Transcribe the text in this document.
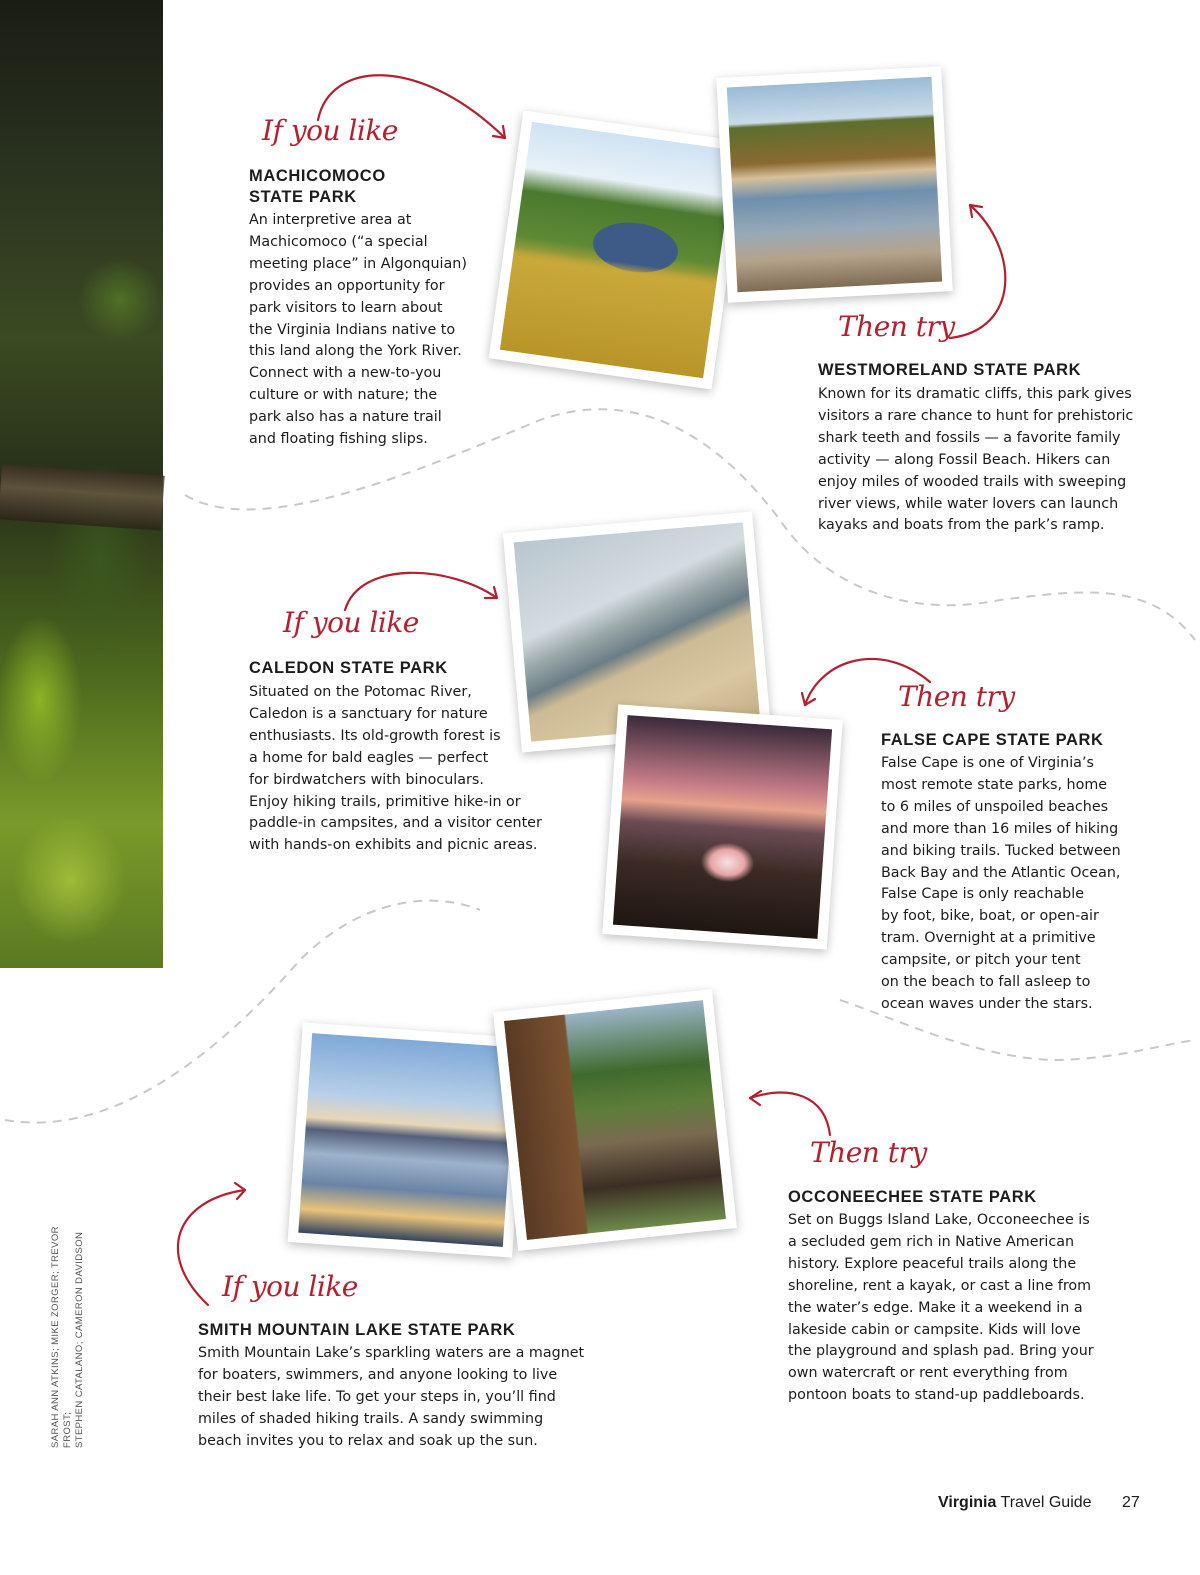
If you like
MACHICOMOCO
STATE PARK
An interpretive area at
Machicomoco (“a special
meeting place” in Algonquian)
provides an opportunity for
park visitors to learn about
the Virginia Indians native to
this land along the York River.
Connect with a new-to-you
culture or with nature; the
park also has a nature trail
and floating fishing slips.
Then try
WESTMORELAND STATE PARK
Known for its dramatic cliffs, this park gives
visitors a rare chance to hunt for prehistoric
shark teeth and fossils — a favorite family
activity — along Fossil Beach. Hikers can
enjoy miles of wooded trails with sweeping
river views, while water lovers can launch
kayaks and boats from the park’s ramp.
If you like
CALEDON STATE PARK
Situated on the Potomac River,
Caledon is a sanctuary for nature
enthusiasts. Its old-growth forest is
a home for bald eagles — perfect
for birdwatchers with binoculars.
Enjoy hiking trails, primitive hike-in or
paddle-in campsites, and a visitor center
with hands-on exhibits and picnic areas.
Then try
FALSE CAPE STATE PARK
False Cape is one of Virginia’s
most remote state parks, home
to 6 miles of unspoiled beaches
and more than 16 miles of hiking
and biking trails. Tucked between
Back Bay and the Atlantic Ocean,
False Cape is only reachable
by foot, bike, boat, or open-air
tram. Overnight at a primitive
campsite, or pitch your tent
on the beach to fall asleep to
ocean waves under the stars.
If you like
SMITH MOUNTAIN LAKE STATE PARK
Smith Mountain Lake’s sparkling waters are a magnet
for boaters, swimmers, and anyone looking to live
their best lake life. To get your steps in, you’ll find
miles of shaded hiking trails. A sandy swimming
beach invites you to relax and soak up the sun.
Then try
OCCONEECHEE STATE PARK
Set on Buggs Island Lake, Occoneechee is
a secluded gem rich in Native American
history. Explore peaceful trails along the
shoreline, rent a kayak, or cast a line from
the water’s edge. Make it a weekend in a
lakeside cabin or campsite. Kids will love
the playground and splash pad. Bring your
own watercraft or rent everything from
pontoon boats to stand-up paddleboards.
SARAH ANN ATKINS; MIKE ZORGER; TREVOR FROST;
STEPHEN CATALANO; CAMERON DAVIDSON
Virginia Travel Guide 27
